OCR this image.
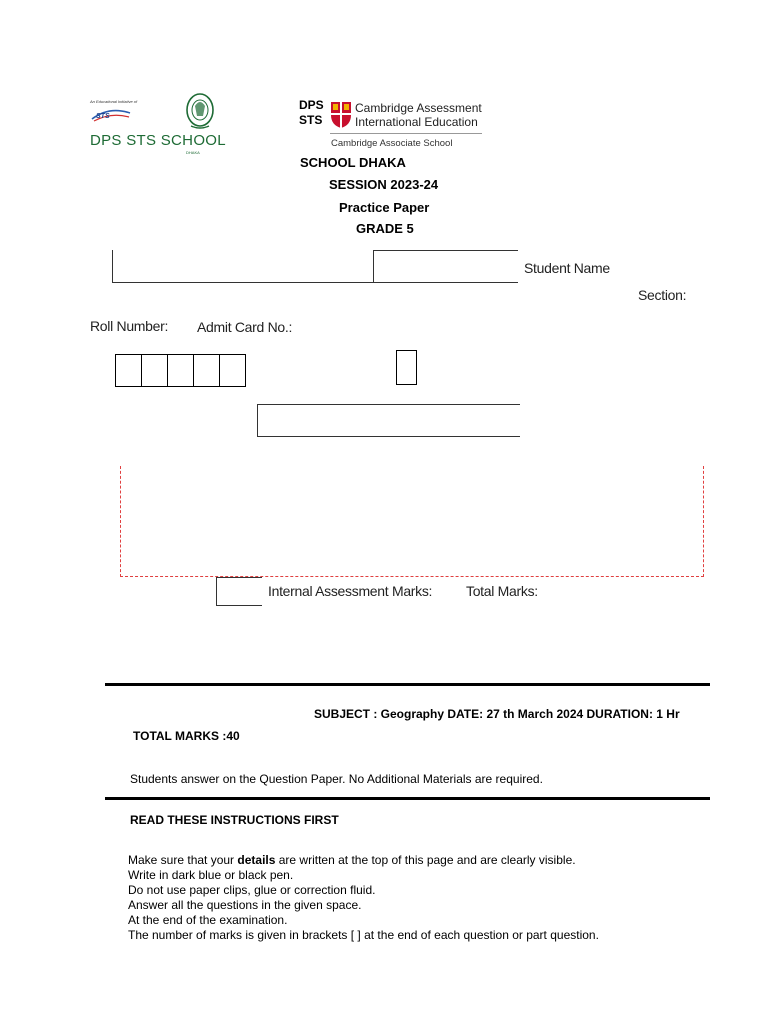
An Educational Initiative of
STS
DPS STS SCHOOL
DHAKA
DPS
STS
Cambridge Assessment
International Education
Cambridge Associate School
SCHOOL DHAKA
SESSION 2023-24
Practice Paper
GRADE 5
Student Name
Section:
Roll Number: Admit Card No.:
Internal Assessment Marks: Total Marks:
SUBJECT : Geography DATE: 27 th March 2024 DURATION: 1 Hr
TOTAL MARKS :40
Students answer on the Question Paper. No Additional Materials are required.
READ THESE INSTRUCTIONS FIRST
Make sure that your details are written at the top of this page and are clearly visible.
Write in dark blue or black pen.
Do not use paper clips, glue or correction fluid.
Answer all the questions in the given space.
At the end of the examination.
The number of marks is given in brackets [ ] at the end of each question or part question.
